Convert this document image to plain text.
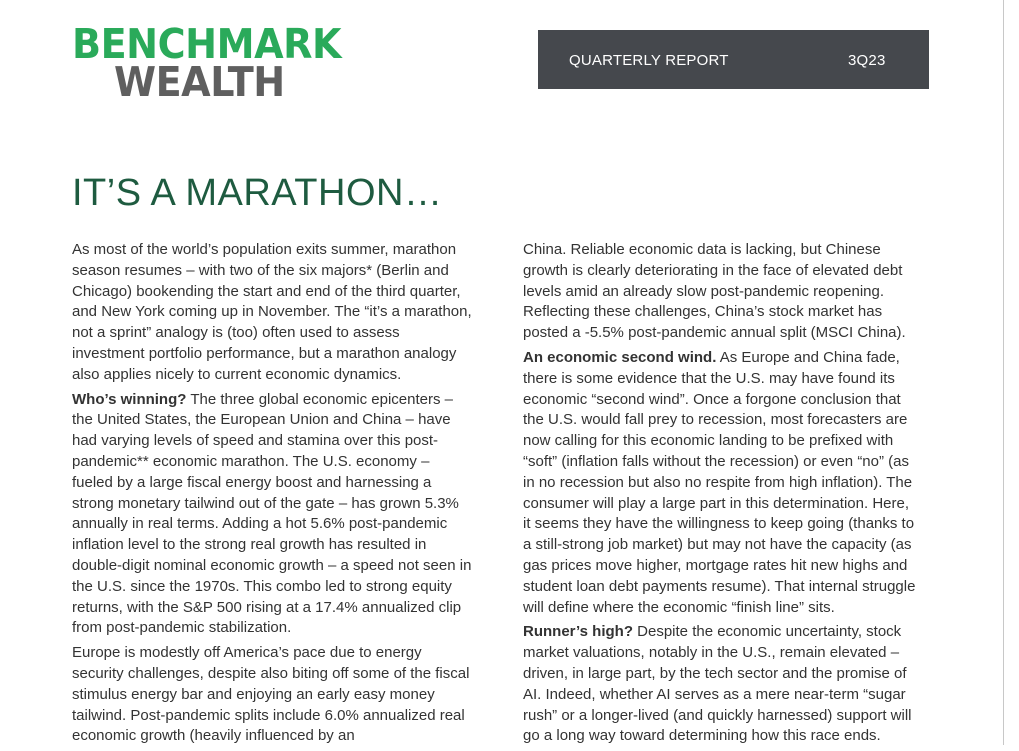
BENCHMARK
WEALTH	QUARTERLY REPORT	3Q23
IT’S A MARATHON…

As most of the world’s population exits summer, marathon season resumes – with two of the six majors* (Berlin and Chicago) bookending the start and end of the third quarter, and New York coming up in November. The “it’s a marathon, not a sprint” analogy is (too) often used to assess investment portfolio performance, but a marathon analogy also applies nicely to current economic dynamics.

Who’s winning? The three global economic epicenters – the United States, the European Union and China – have had varying levels of speed and stamina over this post-pandemic** economic marathon. The U.S. economy – fueled by a large fiscal energy boost and harnessing a strong monetary tailwind out of the gate – has grown 5.3% annually in real terms. Adding a hot 5.6% post-pandemic inflation level to the strong real growth has resulted in double-digit nominal economic growth – a speed not seen in the U.S. since the 1970s. This combo led to strong equity returns, with the S&P 500 rising at a 17.4% annualized clip from post-pandemic stabilization.

Europe is modestly off America’s pace due to energy security challenges, despite also biting off some of the fiscal stimulus energy bar and enjoying an early easy money tailwind. Post-pandemic splits include 6.0% annualized real economic growth (heavily influenced by an

China. Reliable economic data is lacking, but Chinese growth is clearly deteriorating in the face of elevated debt levels amid an already slow post-pandemic reopening. Reflecting these challenges, China’s stock market has posted a -5.5% post-pandemic annual split (MSCI China).

An economic second wind. As Europe and China fade, there is some evidence that the U.S. may have found its economic “second wind”. Once a forgone conclusion that the U.S. would fall prey to recession, most forecasters are now calling for this economic landing to be prefixed with “soft” (inflation falls without the recession) or even “no” (as in no recession but also no respite from high inflation). The consumer will play a large part in this determination. Here, it seems they have the willingness to keep going (thanks to a still-strong job market) but may not have the capacity (as gas prices move higher, mortgage rates hit new highs and student loan debt payments resume). That internal struggle will define where the economic “finish line” sits.

Runner’s high? Despite the economic uncertainty, stock market valuations, notably in the U.S., remain elevated – driven, in large part, by the tech sector and the promise of AI. Indeed, whether AI serves as a mere near-term “sugar rush” or a longer-lived (and quickly harnessed) support will go a long way toward determining how this race ends.
